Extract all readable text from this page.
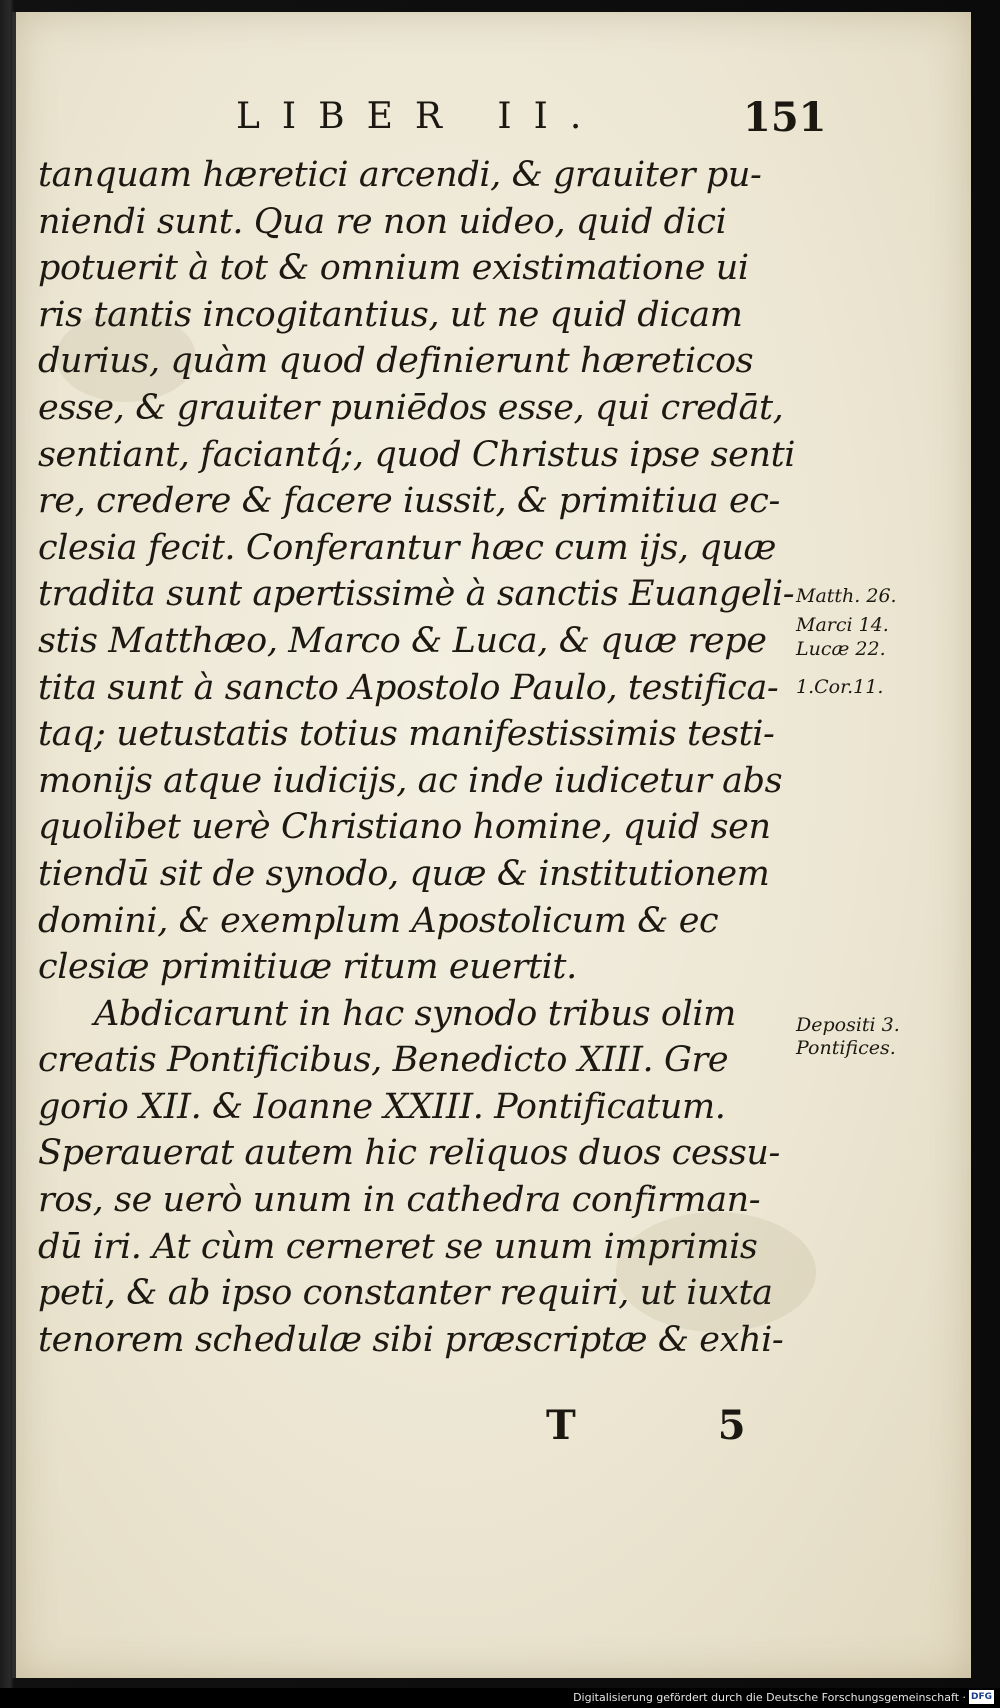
LIBER II.	151
tanquam hæretici arcendi, & grauiter pu-
niendi sunt. Qua re non uideo, quid dici
potuerit à tot & omnium existimatione ui
ris tantis incogitantius, ut ne quid dicam
durius, quàm quod definierunt hæreticos
esse, & grauiter puniēdos esse, qui credāt,
sentiant, faciantq́;, quod Christus ipse senti
re, credere & facere iussit, & primitiua ec-
clesia fecit. Conferantur hæc cum ijs, quæ
tradita sunt apertissimè à sanctis Euangeli-
stis Matthæo, Marco & Luca, & quæ repe
tita sunt à sancto Apostolo Paulo, testifica-
taq; uetustatis totius manifestissimis testi-
monijs atque iudicijs, ac inde iudicetur abs
quolibet uerè Christiano homine, quid sen
tiendū sit de synodo, quæ & institutionem
domini, & exemplum Apostolicum & ec
clesiæ primitiuæ ritum euertit.
Abdicarunt in hac synodo tribus olim
creatis Pontificibus, Benedicto XIII. Gre
gorio XII. & Ioanne XXIII. Pontificatum.
Sperauerat autem hic reliquos duos cessu-
ros, se uerò unum in cathedra confirman-
dū iri. At cùm cerneret se unum imprimis
peti, & ab ipso constanter requiri, ut iuxta
tenorem schedulæ sibi præscriptæ & exhi-
Matth. 26.
Marci 14.
Lucæ 22.
1.Cor.11.
Depositi 3.
Pontifices.
T 5
Digitalisierung gefördert durch die Deutsche Forschungsgemeinschaft · DFG
